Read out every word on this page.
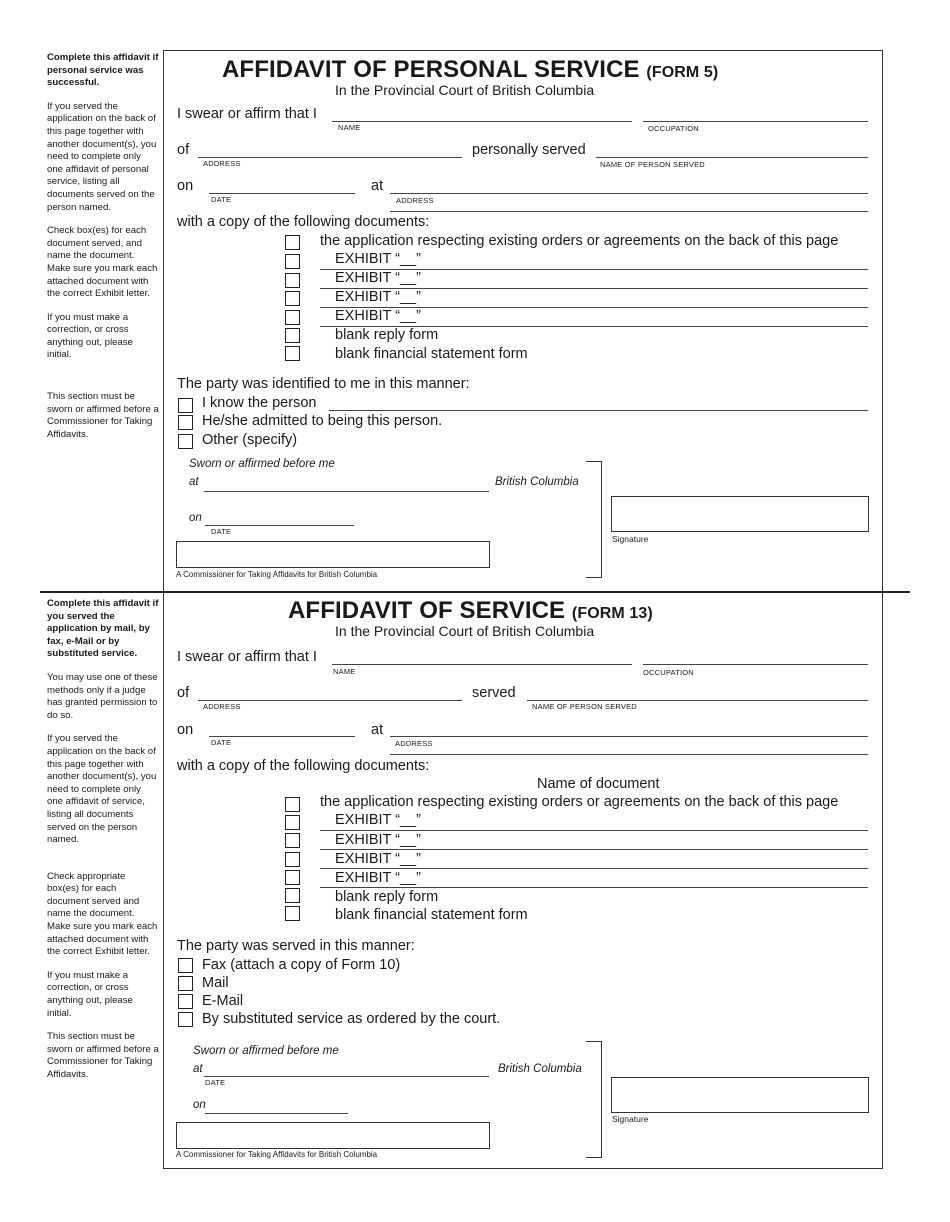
Complete this affidavit if personal service was successful.

If you served the application on the back of this page together with another document(s), you need to complete only one affidavit of personal service, listing all documents served on the person named.

Check box(es) for each document served, and name the document. Make sure you mark each attached document with the correct Exhibit letter.

If you must make a correction, or cross anything out, please initial.

This section must be sworn or affirmed before a Commissioner for Taking Affidavits.

AFFIDAVIT OF PERSONAL SERVICE (FORM 5)
In the Provincial Court of British Columbia
I swear or affirm that I
NAME	OCCUPATION
of
ADDRESS
personally served
NAME OF PERSON SERVED
on
DATE
at
ADDRESS
with a copy of the following documents:
the application respecting existing orders or agreements on the back of this page
EXHIBIT “__”
EXHIBIT “__”
EXHIBIT “__”
EXHIBIT “__”
blank reply form
blank financial statement form
The party was identified to me in this manner:
I know the person
He/she admitted to being this person.
Other (specify)
Sworn or affirmed before me
at	British Columbia
on
DATE
A Commissioner for Taking Affidavits for British Columbia
Signature

Complete this affidavit if you served the application by mail, by fax, e-Mail or by substituted service.

You may use one of these methods only if a judge has granted permission to do so.

If you served the application on the back of this page together with another document(s), you need to complete only one affidavit of service, listing all documents served on the person named.

Check appropriate box(es) for each document served and name the document. Make sure you mark each attached document with the correct Exhibit letter.

If you must make a correction, or cross anything out, please initial.

This section must be sworn or affirmed before a Commissioner for Taking Affidavits.

AFFIDAVIT OF SERVICE (FORM 13)
In the Provincial Court of British Columbia
I swear or affirm that I
NAME	OCCUPATION
of
ADDRESS
served
NAME OF PERSON SERVED
on
DATE
at
ADDRESS
with a copy of the following documents:
Name of document
the application respecting existing orders or agreements on the back of this page
EXHIBIT “__”
EXHIBIT “__”
EXHIBIT “__”
EXHIBIT “__”
blank reply form
blank financial statement form
The party was served in this manner:
Fax (attach a copy of Form 10)
Mail
E-Mail
By substituted service as ordered by the court.
Sworn or affirmed before me
at
DATE
British Columbia
on
A Commissioner for Taking Affidavits for British Columbia
Signature
